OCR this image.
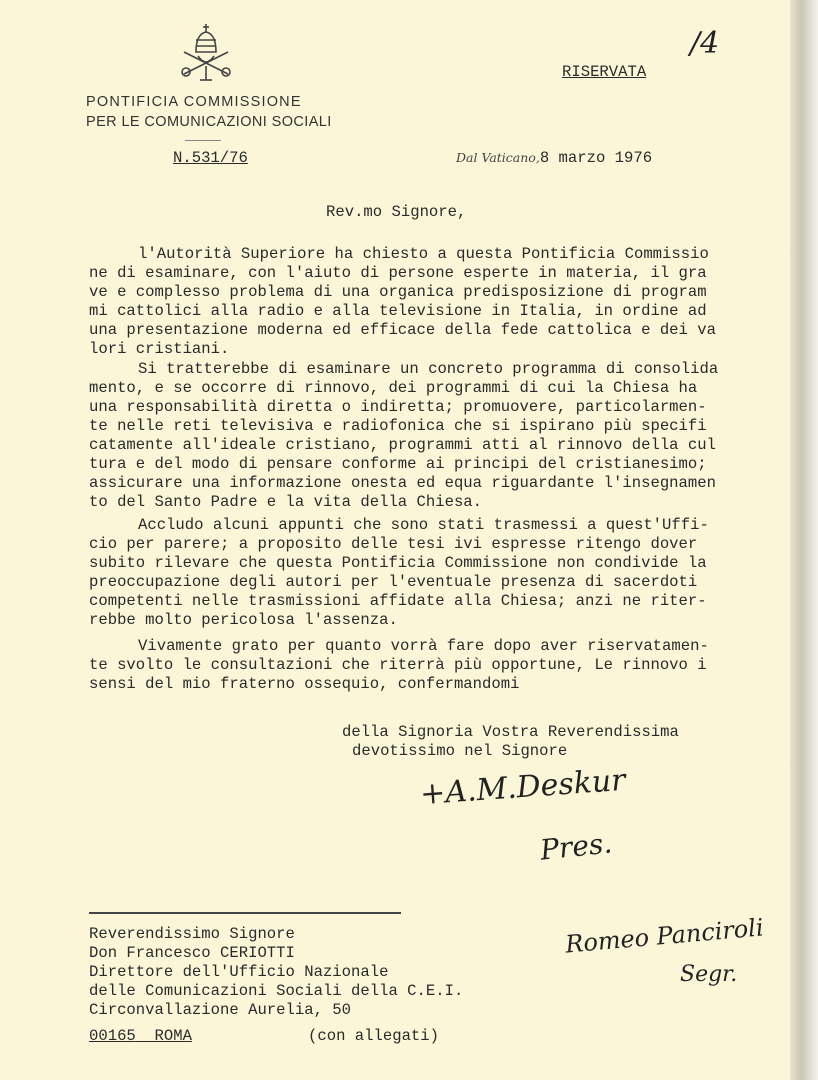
PONTIFICIA COMMISSIONE
PER LE COMUNICAZIONI SOCIALI
RISERVATA
/4
N.531/76	Dal Vaticano,8 marzo 1976
Rev.mo Signore,
l'Autorità Superiore ha chiesto a questa Pontificia Commissio
ne di esaminare, con l'aiuto di persone esperte in materia, il gra
ve e complesso problema di una organica predisposizione di program
mi cattolici alla radio e alla televisione in Italia, in ordine ad
una presentazione moderna ed efficace della fede cattolica e dei va
lori cristiani.
Si tratterebbe di esaminare un concreto programma di consolida
mento, e se occorre di rinnovo, dei programmi di cui la Chiesa ha
una responsabilità diretta o indiretta; promuovere, particolarmen-
te nelle reti televisiva e radiofonica che si ispirano più specifi
catamente all'ideale cristiano, programmi atti al rinnovo della cul
tura e del modo di pensare conforme ai principi del cristianesimo;
assicurare una informazione onesta ed equa riguardante l'insegnamen
to del Santo Padre e la vita della Chiesa.
Accludo alcuni appunti che sono stati trasmessi a quest'Uffi-
cio per parere; a proposito delle tesi ivi espresse ritengo dover
subito rilevare che questa Pontificia Commissione non condivide la
preoccupazione degli autori per l'eventuale presenza di sacerdoti
competenti nelle trasmissioni affidate alla Chiesa; anzi ne riter-
rebbe molto pericolosa l'assenza.
Vivamente grato per quanto vorrà fare dopo aver riservatamen-
te svolto le consultazioni che riterrà più opportune, Le rinnovo i
sensi del mio fraterno ossequio, confermandomi
della Signoria Vostra Reverendissima
devotissimo nel Signore
+A.M.Deskur
Pres.
Reverendissimo Signore
Don Francesco CERIOTTI
Direttore dell'Ufficio Nazionale
delle Comunicazioni Sociali della C.E.I.
Circonvallazione Aurelia, 50
00165 ROMA	(con allegati)
Romeo Panciroli
Segr.
